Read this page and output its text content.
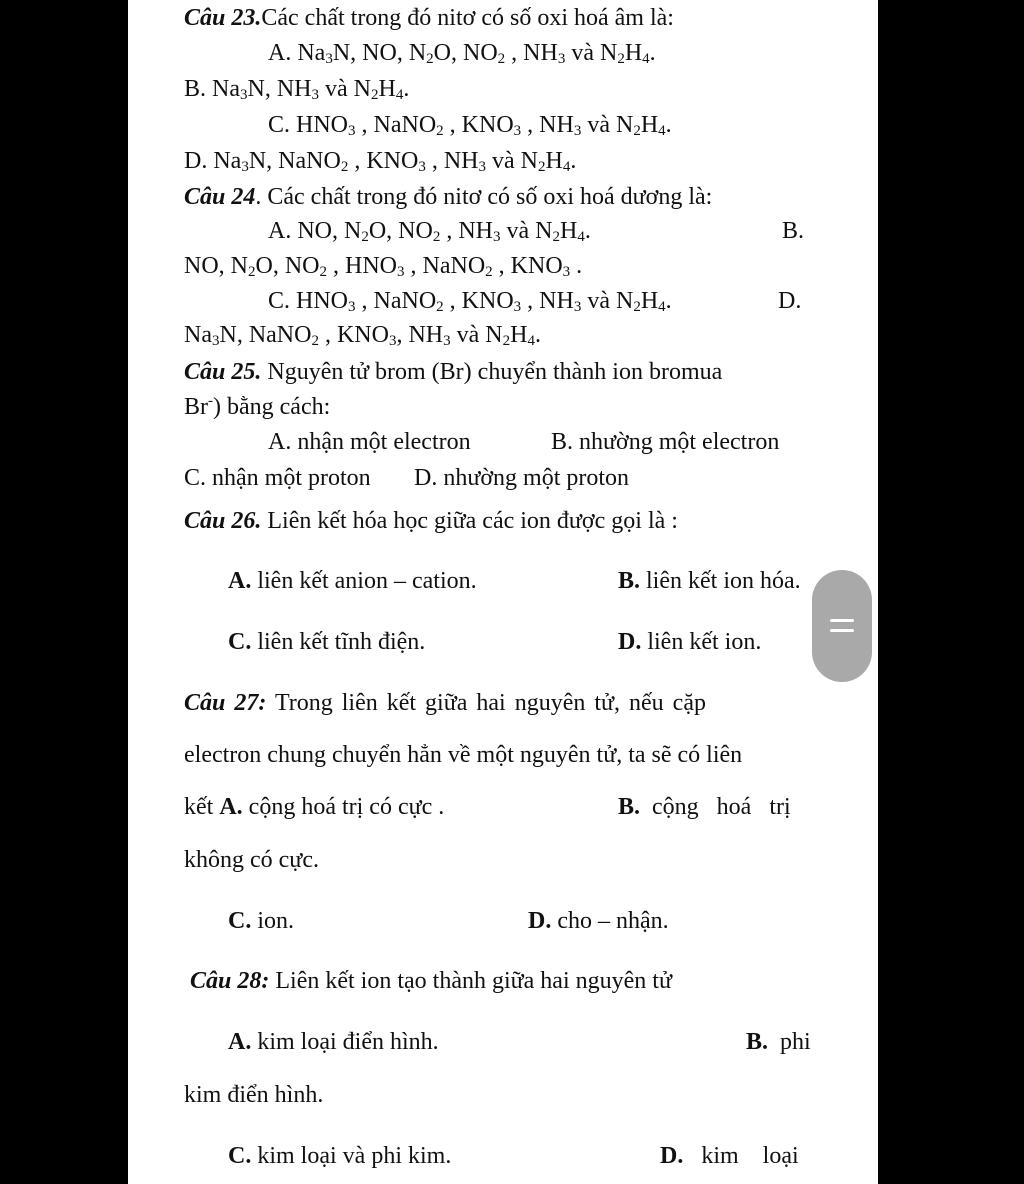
Câu 23.Các chất trong đó nitơ có số oxi hoá âm là:

A. $Na_3N$, NO, $N_2O$, $NO_2$ , $NH_3$ và $N_2H_4$.

B. $Na_3N$, $NH_3$ và $N_2H_4$.

C. $HNO_3$ , NaNO$_2$ , $KNO_3$ , $NH_3$ và $N_2H_4$.

D. $Na_3N$, NaNO$_2$ , $KNO_3$ , $NH_3$ và $N_2H_4$.

Câu 24. Các chất trong đó nitơ có số oxi hoá dương là:

A. NO, $N_2O$, $NO_2$ , $NH_3$ và $N_2H_4$.	B.

NO, $N_2O$, $NO_2$ , $HNO_3$ , NaNO$_2$ , $KNO_3$ .

C. $HNO_3$ , NaNO$_2$ , $KNO_3$ , $NH_3$ và $N_2H_4$.	D.

$Na_3N$, NaNO$_2$ , $KNO_3$, $NH_3$ và $N_2H_4$.

Câu 25. Nguyên tử brom (Br) chuyển thành ion bromua

Br-) bằng cách:

A. nhận một electron	B. nhường một electron

C. nhận một proton D. nhường một proton

Câu 26. Liên kết hóa học giữa các ion được gọi là :

A. liên kết anion – cation.	B. liên kết ion hóa.

C. liên kết tĩnh điện.	D. liên kết ion.

Câu 27: Trong liên kết giữa hai nguyên tử, nếu cặp

electron chung chuyển hẳn về một nguyên tử, ta sẽ có liên

kết A. cộng hoá trị có cực .	B. cộng   hoá   trị

không có cực.

C. ion.	D. cho – nhận.

Câu 28: Liên kết ion tạo thành giữa hai nguyên tử

A. kim loại điển hình.	B. phi

kim điển hình.

C. kim loại và phi kim.	D. kim    loại
